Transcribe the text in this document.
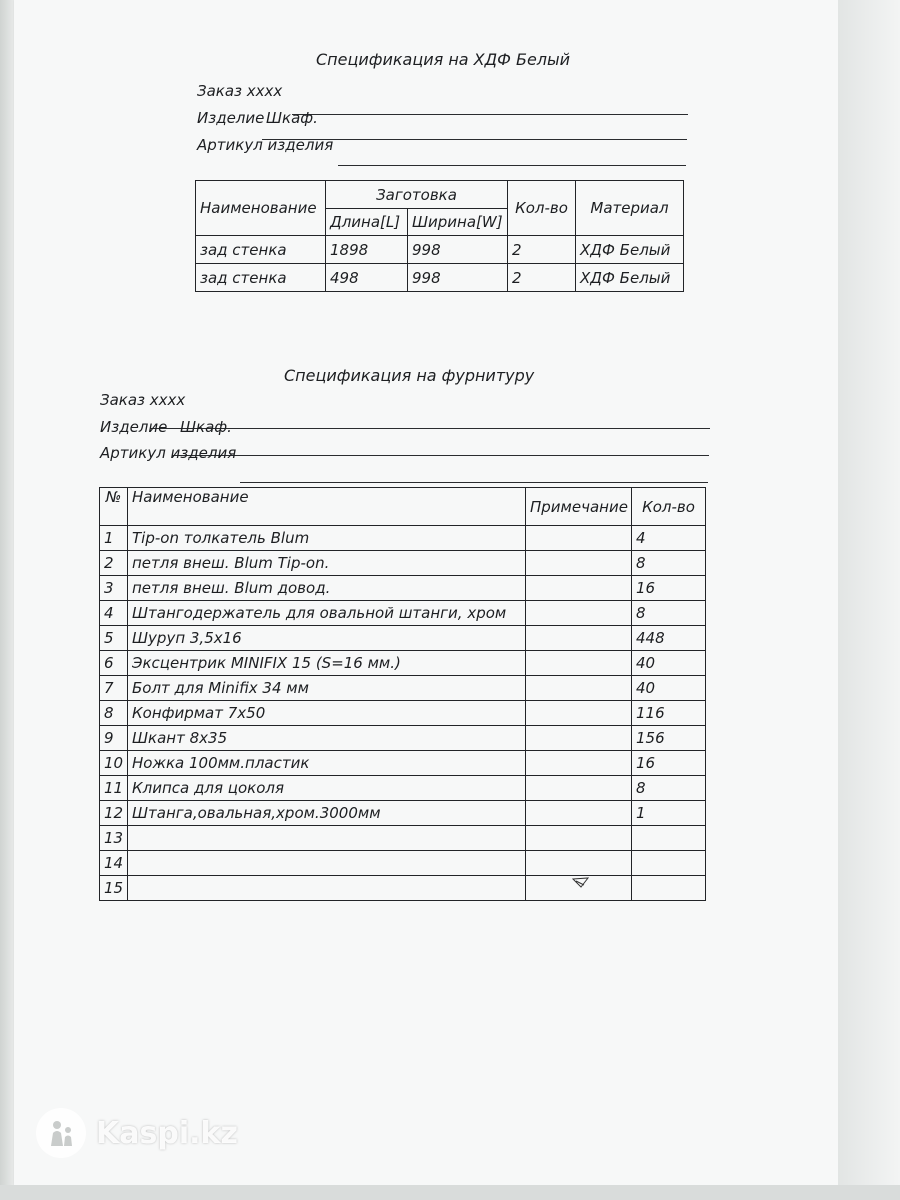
Спецификация на ХДФ Белый
Заказ хххх
Изделие Шкаф.
Артикул изделия
Наименование	Заготовка		Кол-во	Материал
	Длина[L]	Ширина[W]		
зад стенка	1898	998	2	ХДФ Белый
зад стенка	498	998	2	ХДФ Белый
Спецификация на фурнитуру
Заказ хххх
Изделие Шкаф.
Артикул изделия
№	Наименование	Примечание	Кол-во
1	Tip-on толкатель Blum		4
2	петля внеш. Blum Tip-on.		8
3	петля внеш. Blum довод.		16
4	Штангодержатель для овальной штанги, хром		8
5	Шуруп 3,5х16		448
6	Эксцентрик MINIFIX 15 (S=16 мм.)		40
7	Болт для Minifix 34 мм		40
8	Конфирмат 7х50		116
9	Шкант 8х35		156
10	Ножка 100мм.пластик		16
11	Клипса для цоколя		8
12	Штанга,овальная,хром.3000мм		1
13			
14			
15			
Kaspi.kz
